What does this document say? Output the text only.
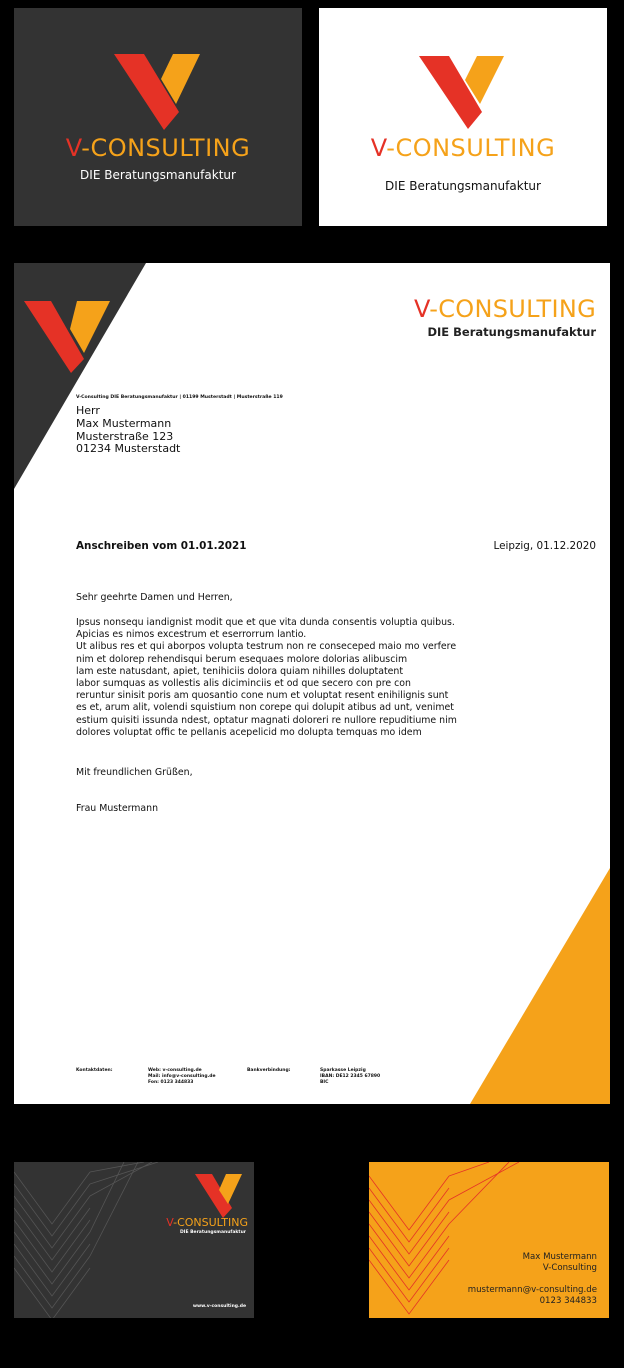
V-CONSULTING
DIE Beratungsmanufaktur
V-CONSULTING
DIE Beratungsmanufaktur
V-CONSULTING
DIE Beratungsmanufaktur
V-Consulting DIE Beratungsmanufaktur | 01199 Musterstadt | Musterstraße 119
Herr
Max Mustermann
Musterstraße 123
01234 Musterstadt
Anschreiben vom 01.01.2021	Leipzig, 01.12.2020
Sehr geehrte Damen und Herren,
Ipsus nonsequ iandignist modit que et que vita dunda consentis voluptia quibus.
Apicias es nimos excestrum et eserrorrum lantio.
Ut alibus res et qui aborpos volupta testrum non re conseceped maio mo verfere
nim et dolorep rehendisqui berum esequaes molore dolorias alibuscim
lam este natusdant, apiet, tenihiciis dolora quiam nihilles doluptatent
labor sumquas as vollestis alis diciminciis et od que secero con pre con
reruntur sinisit poris am quosantio cone num et voluptat resent enihilignis sunt
es et, arum alit, volendi squistium non corepe qui dolupit atibus ad unt, venimet
estium quisiti issunda ndest, optatur magnati doloreri re nullore repuditiume nim
dolores voluptat offic te pellanis acepelicid mo dolupta temquas mo idem
Mit freundlichen Grüßen,
Frau Mustermann
Kontaktdaten:	Web: v-consulting.de
Mail: info@v-consulting.de
Fon: 0123 344833
Bankverbindung:	Sparkasse Leipzig
IBAN: DE12 2345 67890
BIC
V-CONSULTING
DIE Beratungsmanufaktur
www.v-consulting.de
Max Mustermann
V-Consulting
mustermann@v-consulting.de
0123 344833
